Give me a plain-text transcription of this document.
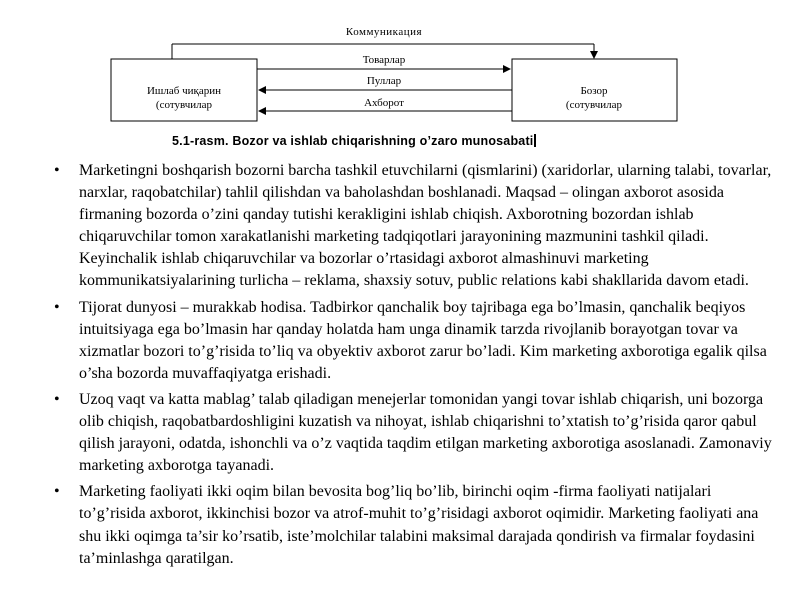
Коммуникация
Ишлаб чиқарин
(сотувчилар
Бозор
(сотувчилар
Товарлар
Пуллар
Ахборот
5.1-rasm. Bozor va ishlab chiqarishning o’zaro munosabati
• Marketingni boshqarish bozorni barcha tashkil etuvchilarni (qismlarini) (xaridorlar, ularning talabi, tovarlar, narxlar, raqobatchilar) tahlil qilishdan va baholashdan boshlanadi. Maqsad – olingan axborot asosida firmaning bozorda o’zini qanday tutishi kerakligini ishlab chiqish. Axborotning bozordan ishlab chiqaruvchilar tomon xarakatlanishi marketing tadqiqotlari jarayonining mazmunini tashkil qiladi. Keyinchalik ishlab chiqaruvchilar va bozorlar o’rtasidagi axborot almashinuvi marketing kommunikatsiyalarining turlicha – reklama, shaxsiy sotuv, public relations kabi shakllarida davom etadi.
• Tijorat dunyosi – murakkab hodisa. Tadbirkor qanchalik boy tajribaga ega bo’lmasin, qanchalik beqiyos intuitsiyaga ega bo’lmasin har qanday holatda ham unga dinamik tarzda rivojlanib borayotgan tovar va xizmatlar bozori to’g’risida to’liq va obyektiv axborot zarur bo’ladi. Kim marketing axborotiga egalik qilsa o’sha bozorda muvaffaqiyatga erishadi.
• Uzoq vaqt va katta mablag’ talab qiladigan menejerlar tomonidan yangi tovar ishlab chiqarish, uni bozorga olib chiqish, raqobatbardoshligini kuzatish va nihoyat, ishlab chiqarishni to’xtatish to’g’risida qaror qabul qilish jarayoni, odatda, ishonchli va o’z vaqtida taqdim etilgan marketing axborotiga asoslanadi. Zamonaviy marketing axborotga tayanadi.
• Marketing faoliyati ikki oqim bilan bevosita bog’liq bo’lib, birinchi oqim -firma faoliyati natijalari to’g’risida axborot, ikkinchisi bozor va atrof-muhit to’g’risidagi axborot oqimidir. Marketing faoliyati ana shu ikki oqimga ta’sir ko’rsatib, iste’molchilar talabini maksimal darajada qondirish va firmalar foydasini ta’minlashga qaratilgan.
